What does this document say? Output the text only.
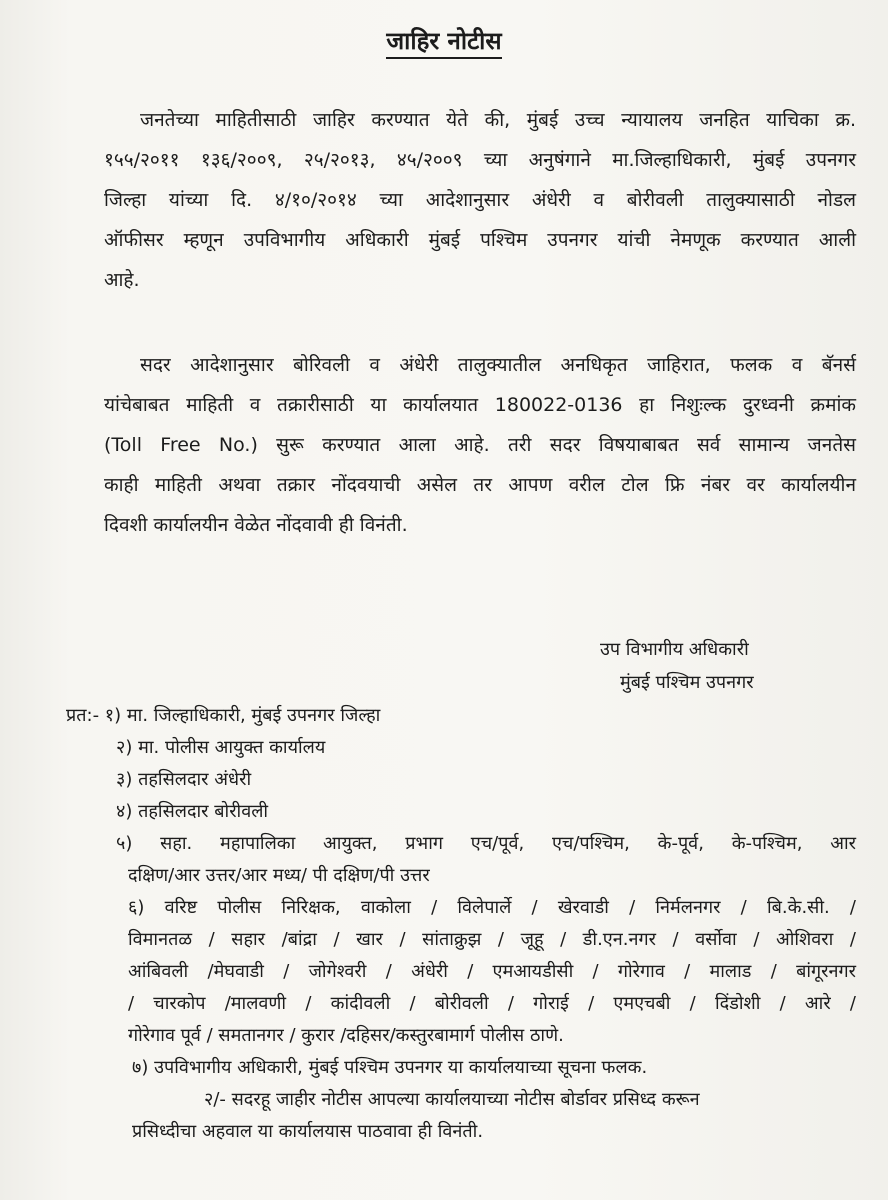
जाहिर नोटीस
जनतेच्या माहितीसाठी जाहिर करण्यात येते की, मुंबई उच्च न्यायालय जनहित याचिका क्र.
१५५/२०११ १३६/२००९, २५/२०१३, ४५/२००९ च्या अनुषंगाने मा.जिल्हाधिकारी, मुंबई उपनगर
जिल्हा यांच्या दि. ४/१०/२०१४ च्या आदेशानुसार अंधेरी व बोरीवली तालुक्यासाठी नोडल
ऑफीसर म्हणून उपविभागीय अधिकारी मुंबई पश्चिम उपनगर यांची नेमणूक करण्यात आली
आहे.
सदर आदेशानुसार बोरिवली व अंधेरी तालुक्यातील अनधिकृत जाहिरात, फलक व बॅनर्स
यांचेबाबत माहिती व तक्रारीसाठी या कार्यालयात 180022-0136 हा निशुःल्क दुरध्वनी क्रमांक
(Toll Free No.) सुरू करण्यात आला आहे. तरी सदर विषयाबाबत सर्व सामान्य जनतेस
काही माहिती अथवा तक्रार नोंदवयाची असेल तर आपण वरील टोल फ्रि नंबर वर कार्यालयीन
दिवशी कार्यालयीन वेळेत नोंदवावी ही विनंती.
उप विभागीय अधिकारी
मुंबई पश्चिम उपनगर
प्रत:- १) मा. जिल्हाधिकारी, मुंबई उपनगर जिल्हा
२) मा. पोलीस आयुक्त कार्यालय
३) तहसिलदार अंधेरी
४) तहसिलदार बोरीवली
५) सहा. महापालिका आयुक्त, प्रभाग एच/पूर्व, एच/पश्चिम, के-पूर्व, के-पश्चिम, आर
दक्षिण/आर उत्तर/आर मध्य/ पी दक्षिण/पी उत्तर
६) वरिष्ट पोलीस निरिक्षक, वाकोला / विलेपार्ले / खेरवाडी / निर्मलनगर / बि.के.सी. /
विमानतळ / सहार /बांद्रा / खार / सांताक्रुझ / जूहू / डी.एन.नगर / वर्सोवा / ओशिवरा /
आंबिवली /मेघवाडी / जोगेश्वरी / अंधेरी / एमआयडीसी / गोरेगाव / मालाड / बांगूरनगर
/ चारकोप /मालवणी / कांदीवली / बोरीवली / गोराई / एमएचबी / दिंडोशी / आरे /
गोरेगाव पूर्व / समतानगर / कुरार /दहिसर/कस्तुरबामार्ग पोलीस ठाणे.
७) उपविभागीय अधिकारी, मुंबई पश्चिम उपनगर या कार्यालयाच्या सूचना फलक.
२/- सदरहू जाहीर नोटीस आपल्या कार्यालयाच्या नोटीस बोर्डावर प्रसिध्द करून
प्रसिध्दीचा अहवाल या कार्यालयास पाठवावा ही विनंती.
